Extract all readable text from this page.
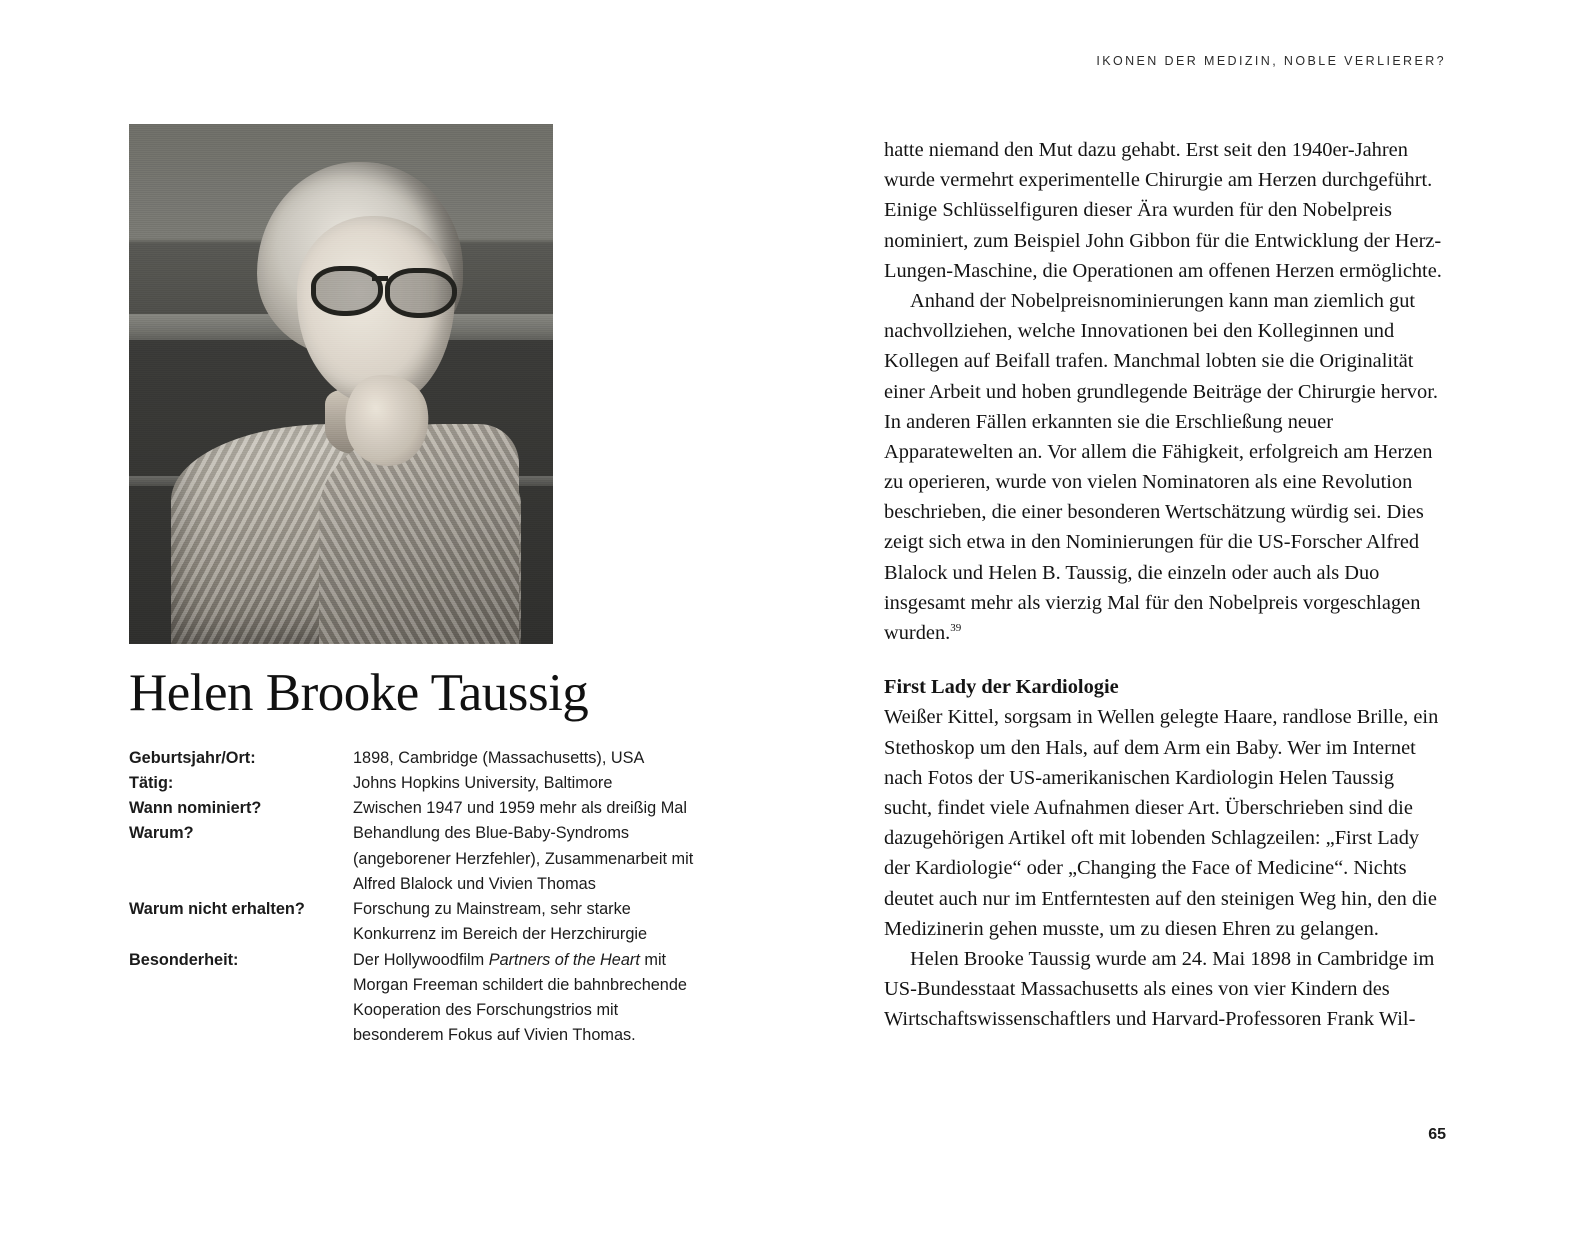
IKONEN DER MEDIZIN, NOBLE VERLIERER?
Helen Brooke Taussig
Geburtsjahr/Ort:	1898, Cambridge (Massachusetts), USA
Tätig:	Johns Hopkins University, Baltimore
Wann nominiert?	Zwischen 1947 und 1959 mehr als dreißig Mal
Warum?	Behandlung des Blue-Baby-Syndroms (angeborener Herzfehler), Zusammenarbeit mit Alfred Blalock und Vivien Thomas
Warum nicht erhalten?	Forschung zu Mainstream, sehr starke Konkurrenz im Bereich der Herzchirurgie
Besonderheit:	Der Hollywoodfilm Partners of the Heart mit Morgan Freeman schildert die bahnbrechende Kooperation des Forschungstrios mit besonderem Fokus auf Vivien Thomas.

hatte niemand den Mut dazu gehabt. Erst seit den 1940er-Jahren wurde vermehrt experimentelle Chirurgie am Herzen durchgeführt. Einige Schlüsselfiguren dieser Ära wurden für den Nobelpreis nominiert, zum Beispiel John Gibbon für die Entwicklung der Herz-Lungen-Maschine, die Operationen am offenen Herzen ermöglichte.

Anhand der Nobelpreisnominierungen kann man ziemlich gut nachvollziehen, welche Innovationen bei den Kolleginnen und Kollegen auf Beifall trafen. Manchmal lobten sie die Originalität einer Arbeit und hoben grundlegende Beiträge der Chirurgie hervor. In anderen Fällen erkannten sie die Erschließung neuer Apparatewelten an. Vor allem die Fähigkeit, erfolgreich am Herzen zu operieren, wurde von vielen Nominatoren als eine Revolution beschrieben, die einer besonderen Wertschätzung würdig sei. Dies zeigt sich etwa in den Nominierungen für die US-Forscher Alfred Blalock und Helen B. Taussig, die einzeln oder auch als Duo insgesamt mehr als vierzig Mal für den Nobelpreis vorgeschlagen wurden.$^{39}$

First Lady der Kardiologie

Weißer Kittel, sorgsam in Wellen gelegte Haare, randlose Brille, ein Stethoskop um den Hals, auf dem Arm ein Baby. Wer im Internet nach Fotos der US-amerikanischen Kardiologin Helen Taussig sucht, findet viele Aufnahmen dieser Art. Überschrieben sind die dazugehörigen Artikel oft mit lobenden Schlagzeilen: „First Lady der Kardiologie“ oder „Changing the Face of Medicine“. Nichts deutet auch nur im Entferntesten auf den steinigen Weg hin, den die Medizinerin gehen musste, um zu diesen Ehren zu gelangen.

Helen Brooke Taussig wurde am 24. Mai 1898 in Cambridge im US-Bundesstaat Massachusetts als eines von vier Kindern des Wirtschaftswissenschaftlers und Harvard-Professoren Frank Wil-

65
